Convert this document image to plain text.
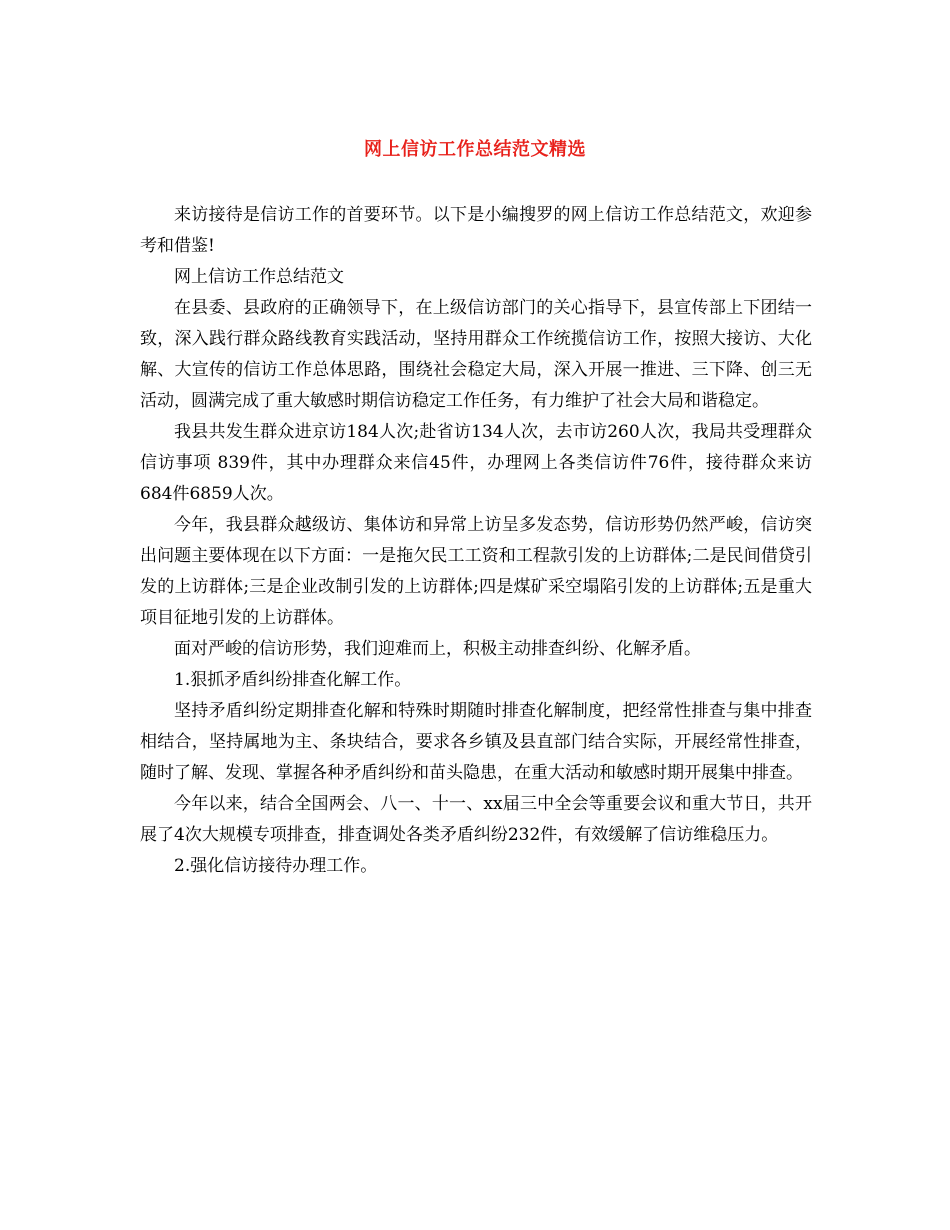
网上信访工作总结范文精选

来访接待是信访工作的首要环节。以下是小编搜罗的网上信访工作总结范文，欢迎参考和借鉴!

网上信访工作总结范文

在县委、县政府的正确领导下，在上级信访部门的关心指导下，县宣传部上下团结一致，深入践行群众路线教育实践活动，坚持用群众工作统揽信访工作，按照大接访、大化解、大宣传的信访工作总体思路，围绕社会稳定大局，深入开展一推进、三下降、创三无活动，圆满完成了重大敏感时期信访稳定工作任务，有力维护了社会大局和谐稳定。

我县共发生群众进京访184人次;赴省访134人次，去市访260人次，我局共受理群众信访事项 839件，其中办理群众来信45件，办理网上各类信访件76件，接待群众来访684件6859人次。

今年，我县群众越级访、集体访和异常上访呈多发态势，信访形势仍然严峻，信访突出问题主要体现在以下方面：一是拖欠民工工资和工程款引发的上访群体;二是民间借贷引发的上访群体;三是企业改制引发的上访群体;四是煤矿采空塌陷引发的上访群体;五是重大项目征地引发的上访群体。

面对严峻的信访形势，我们迎难而上，积极主动排查纠纷、化解矛盾。

1.狠抓矛盾纠纷排查化解工作。

坚持矛盾纠纷定期排查化解和特殊时期随时排查化解制度，把经常性排查与集中排查相结合，坚持属地为主、条块结合，要求各乡镇及县直部门结合实际，开展经常性排查，随时了解、发现、掌握各种矛盾纠纷和苗头隐患，在重大活动和敏感时期开展集中排查。

今年以来，结合全国两会、八一、十一、xx届三中全会等重要会议和重大节日，共开展了4次大规模专项排查，排查调处各类矛盾纠纷232件，有效缓解了信访维稳压力。

2.强化信访接待办理工作。
